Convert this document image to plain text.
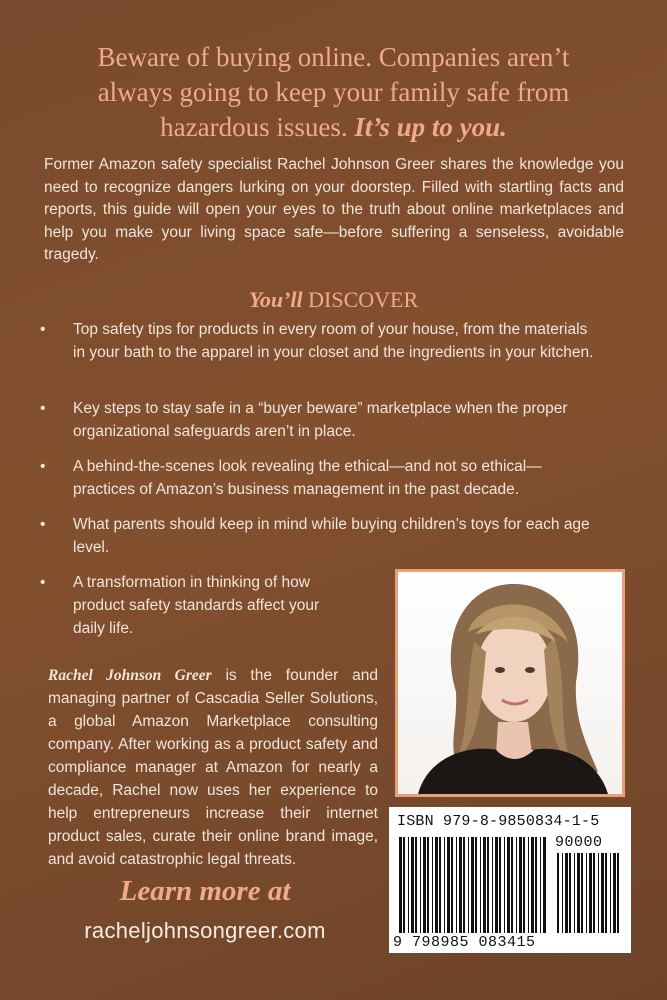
Beware of buying online. Companies aren’t
always going to keep your family safe from
hazardous issues. It’s up to you.
Former Amazon safety specialist Rachel Johnson Greer shares the knowledge you need to recognize dangers lurking on your doorstep. Filled with startling facts and reports, this guide will open your eyes to the truth about online marketplaces and help you make your living space safe—before suffering a senseless, avoidable tragedy.
You’ll DISCOVER
• Top safety tips for products in every room of your house, from the materials in your bath to the apparel in your closet and the ingredients in your kitchen.
• Key steps to stay safe in a “buyer beware” marketplace when the proper organizational safeguards aren’t in place.
• A behind-the-scenes look revealing the ethical—and not so ethical—practices of Amazon’s business management in the past decade.
• What parents should keep in mind while buying children’s toys for each age level.
• A transformation in thinking of how product safety standards affect your daily life.
Rachel Johnson Greer is the founder and managing partner of Cascadia Seller Solutions, a global Amazon Marketplace consulting company. After working as a product safety and compliance manager at Amazon for nearly a decade, Rachel now uses her experience to help entrepreneurs increase their internet product sales, curate their online brand image, and avoid catastrophic legal threats.
Learn more at
racheljohnsongreer.com
ISBN 979-8-9850834-1-5
90000
9 798985 083415
